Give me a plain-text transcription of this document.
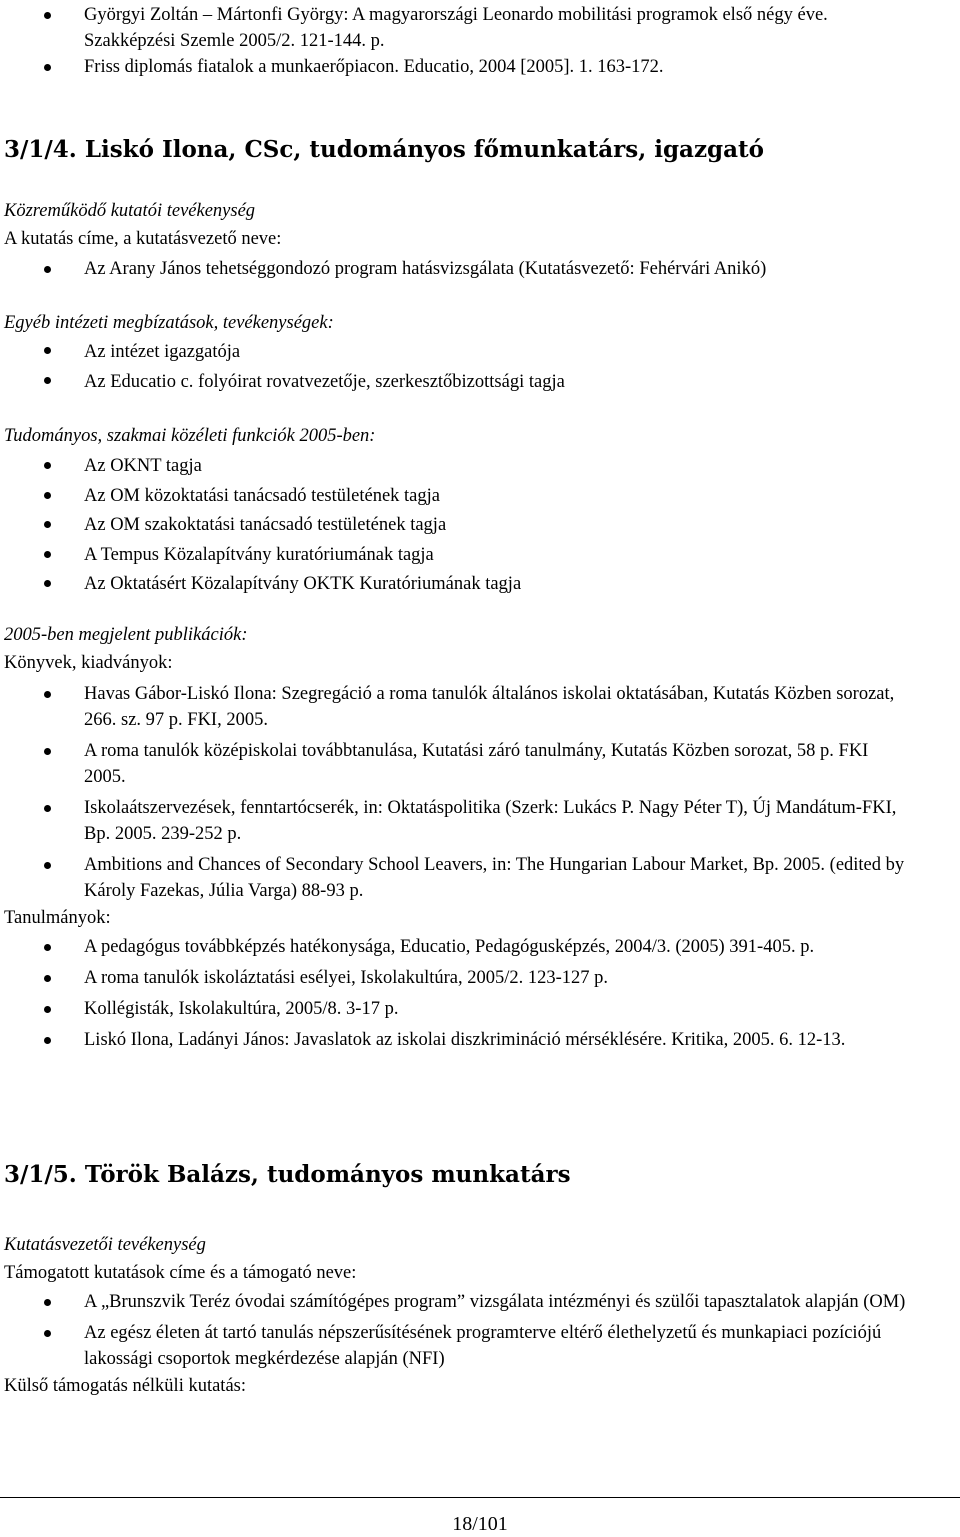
Györgyi Zoltán – Mártonfi György: A magyarországi Leonardo mobilitási programok első négy éve. Szakképzési Szemle 2005/2. 121-144. p.
Friss diplomás fiatalok a munkaerőpiacon. Educatio, 2004 [2005]. 1. 163-172.
3/1/4. Liskó Ilona, CSc, tudományos főmunkatárs, igazgató
Közreműködő kutatói tevékenység
A kutatás címe, a kutatásvezető neve:
Az Arany János tehetséggondozó program hatásvizsgálata (Kutatásvezető: Fehérvári Anikó)
Egyéb intézeti megbízatások, tevékenységek:
Az intézet igazgatója
Az Educatio c. folyóirat rovatvezetője, szerkesztőbizottsági tagja
Tudományos, szakmai közéleti funkciók 2005-ben:
Az OKNT tagja
Az OM közoktatási tanácsadó testületének tagja
Az OM szakoktatási tanácsadó testületének tagja
A Tempus Közalapítvány kuratóriumának tagja
Az Oktatásért Közalapítvány OKTK Kuratóriumának tagja
2005-ben megjelent publikációk:
Könyvek, kiadványok:
Havas Gábor-Liskó Ilona: Szegregáció a roma tanulók általános iskolai oktatásában, Kutatás Közben sorozat, 266. sz. 97 p. FKI, 2005.
A roma tanulók középiskolai továbbtanulása, Kutatási záró tanulmány, Kutatás Közben sorozat, 58 p. FKI 2005.
Iskolaátszervezések, fenntartócserék, in: Oktatáspolitika (Szerk: Lukács P. Nagy Péter T), Új Mandátum-FKI, Bp. 2005. 239-252 p.
Ambitions and Chances of Secondary School Leavers, in: The Hungarian Labour Market, Bp. 2005. (edited by Károly Fazekas, Júlia Varga) 88-93 p.
Tanulmányok:
A pedagógus továbbképzés hatékonysága, Educatio, Pedagógusképzés, 2004/3. (2005) 391-405. p.
A roma tanulók iskoláztatási esélyei, Iskolakultúra, 2005/2. 123-127 p.
Kollégisták, Iskolakultúra, 2005/8. 3-17 p.
Liskó Ilona, Ladányi János: Javaslatok az iskolai diszkrimináció mérséklésére. Kritika, 2005. 6. 12-13.
3/1/5. Török Balázs, tudományos munkatárs
Kutatásvezetői tevékenység
Támogatott kutatások címe és a támogató neve:
A „Brunszvik Teréz óvodai számítógépes program” vizsgálata intézményi és szülői tapasztalatok alapján (OM)
Az egész életen át tartó tanulás népszerűsítésének programterve eltérő élethelyzetű és munkapiaci pozíciójú lakossági csoportok megkérdezése alapján (NFI)
Külső támogatás nélküli kutatás:
18/101
